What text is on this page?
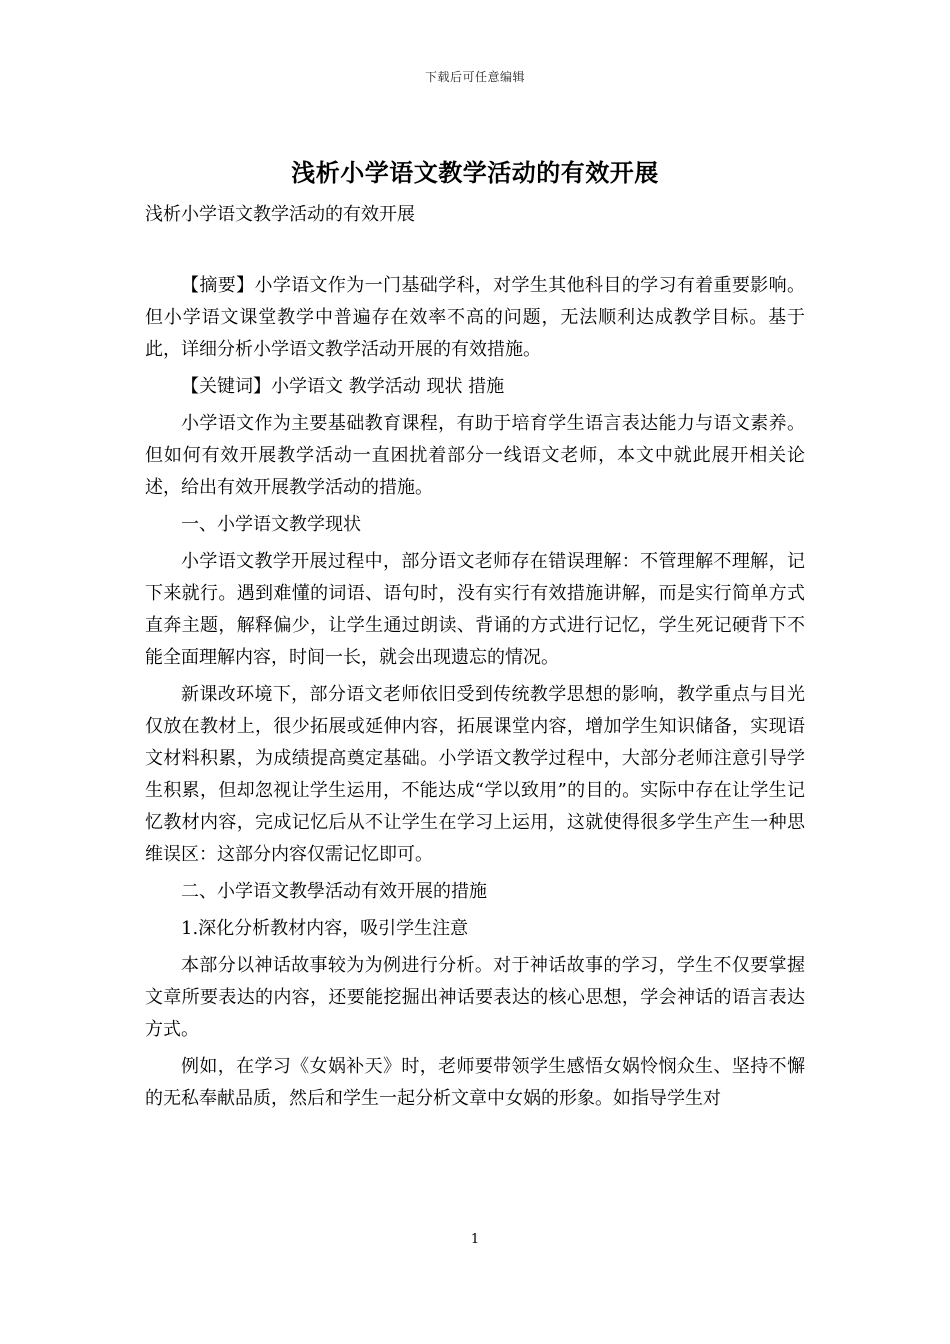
下载后可任意编辑
浅析小学语文教学活动的有效开展
浅析小学语文教学活动的有效开展

【摘要】小学语文作为一门基础学科，对学生其他科目的学习有着重要影响。但小学语文课堂教学中普遍存在效率不高的问题，无法顺利达成教学目标。基于此，详细分析小学语文教学活动开展的有效措施。

【关键词】小学语文 教学活动 现状 措施

小学语文作为主要基础教育课程，有助于培育学生语言表达能力与语文素养。但如何有效开展教学活动一直困扰着部分一线语文老师，本文中就此展开相关论述，给出有效开展教学活动的措施。

一、小学语文教学现状

小学语文教学开展过程中，部分语文老师存在错误理解：不管理解不理解，记下来就行。遇到难懂的词语、语句时，没有实行有效措施讲解，而是实行简单方式直奔主题，解释偏少，让学生通过朗读、背诵的方式进行记忆，学生死记硬背下不能全面理解内容，时间一长，就会出现遗忘的情况。

新课改环境下，部分语文老师依旧受到传统教学思想的影响，教学重点与目光仅放在教材上，很少拓展或延伸内容，拓展课堂内容，增加学生知识储备，实现语文材料积累，为成绩提高奠定基础。小学语文教学过程中，大部分老师注意引导学生积累，但却忽视让学生运用，不能达成“学以致用”的目的。实际中存在让学生记忆教材内容，完成记忆后从不让学生在学习上运用，这就使得很多学生产生一种思维误区：这部分内容仅需记忆即可。

二、小学语文教學活动有效开展的措施

1.深化分析教材内容，吸引学生注意

本部分以神话故事较为为例进行分析。对于神话故事的学习，学生不仅要掌握文章所要表达的内容，还要能挖掘出神话要表达的核心思想，学会神话的语言表达方式。

例如，在学习《女娲补天》时，老师要带领学生感悟女娲怜悯众生、坚持不懈的无私奉献品质，然后和学生一起分析文章中女娲的形象。如指导学生对

1
